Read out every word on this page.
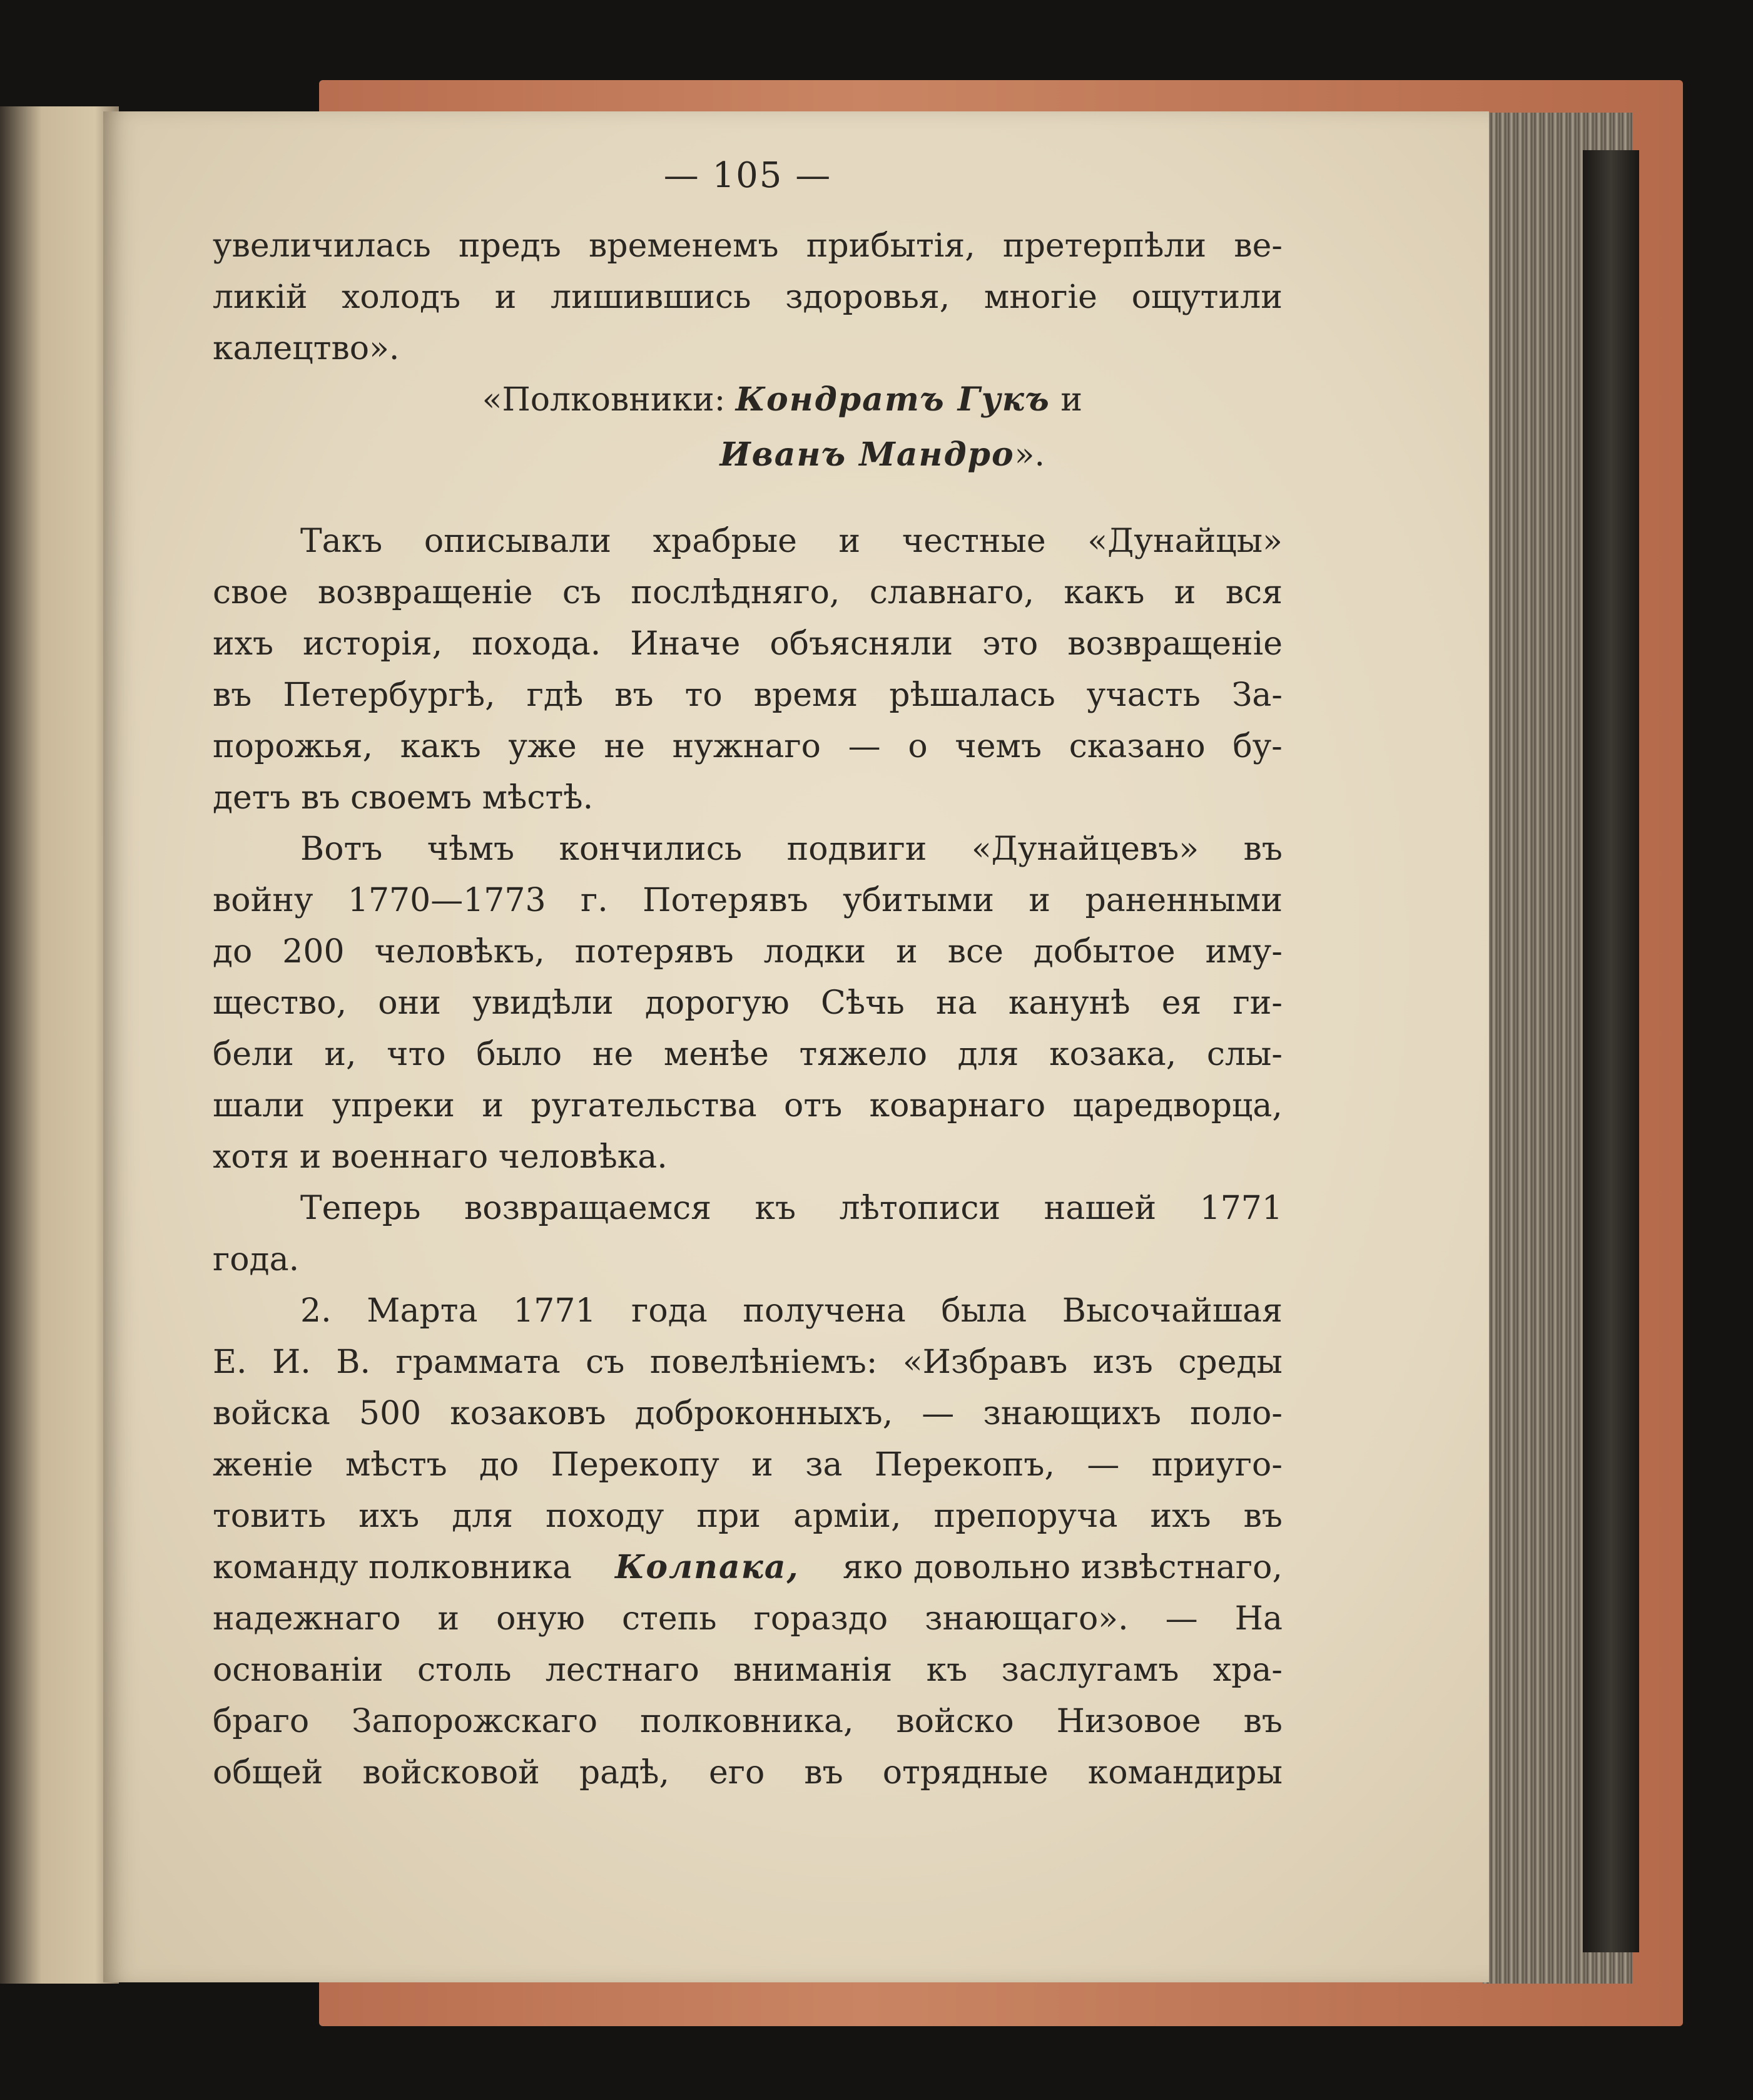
— 105 —
увеличилась предъ временемъ прибытія, претерпѣли ве-
ликій холодъ и лишившись здоровья, многіе ощутили
калецтво».
«Полковники: Кондратъ Гукъ и
Иванъ Мандро».
Такъ описывали храбрые и честные «Дунайцы»
свое возвращеніе съ послѣдняго, славнаго, какъ и вся
ихъ исторія, похода. Иначе объясняли это возвращеніе
въ Петербургѣ, гдѣ въ то время рѣшалась участь За-
порожья, какъ уже не нужнаго — о чемъ сказано бу-
детъ въ своемъ мѣстѣ.
Вотъ чѣмъ кончились подвиги «Дунайцевъ» въ
войну 1770—1773 г. Потерявъ убитыми и раненными
до 200 человѣкъ, потерявъ лодки и все добытое иму-
щество, они увидѣли дорогую Сѣчь на канунѣ ея ги-
бели и, что было не менѣе тяжело для козака, слы-
шали упреки и ругательства отъ коварнаго царедворца,
хотя и военнаго человѣка.
Теперь возвращаемся къ лѣтописи нашей 1771
года.
2. Марта 1771 года получена была Высочайшая
Е. И. В. граммата съ повелѣніемъ: «Избравъ изъ среды
войска 500 козаковъ доброконныхъ, — знающихъ поло-
женіе мѣстъ до Перекопу и за Перекопъ, — приуго-
товить ихъ для походу при арміи, препоруча ихъ въ
команду полковника Колпака, яко довольно извѣстнаго,
надежнаго и оную степь гораздо знающаго». — На
основаніи столь лестнаго вниманія къ заслугамъ хра-
браго Запорожскаго полковника, войско Низовое въ
общей войсковой радѣ, его въ отрядные командиры
